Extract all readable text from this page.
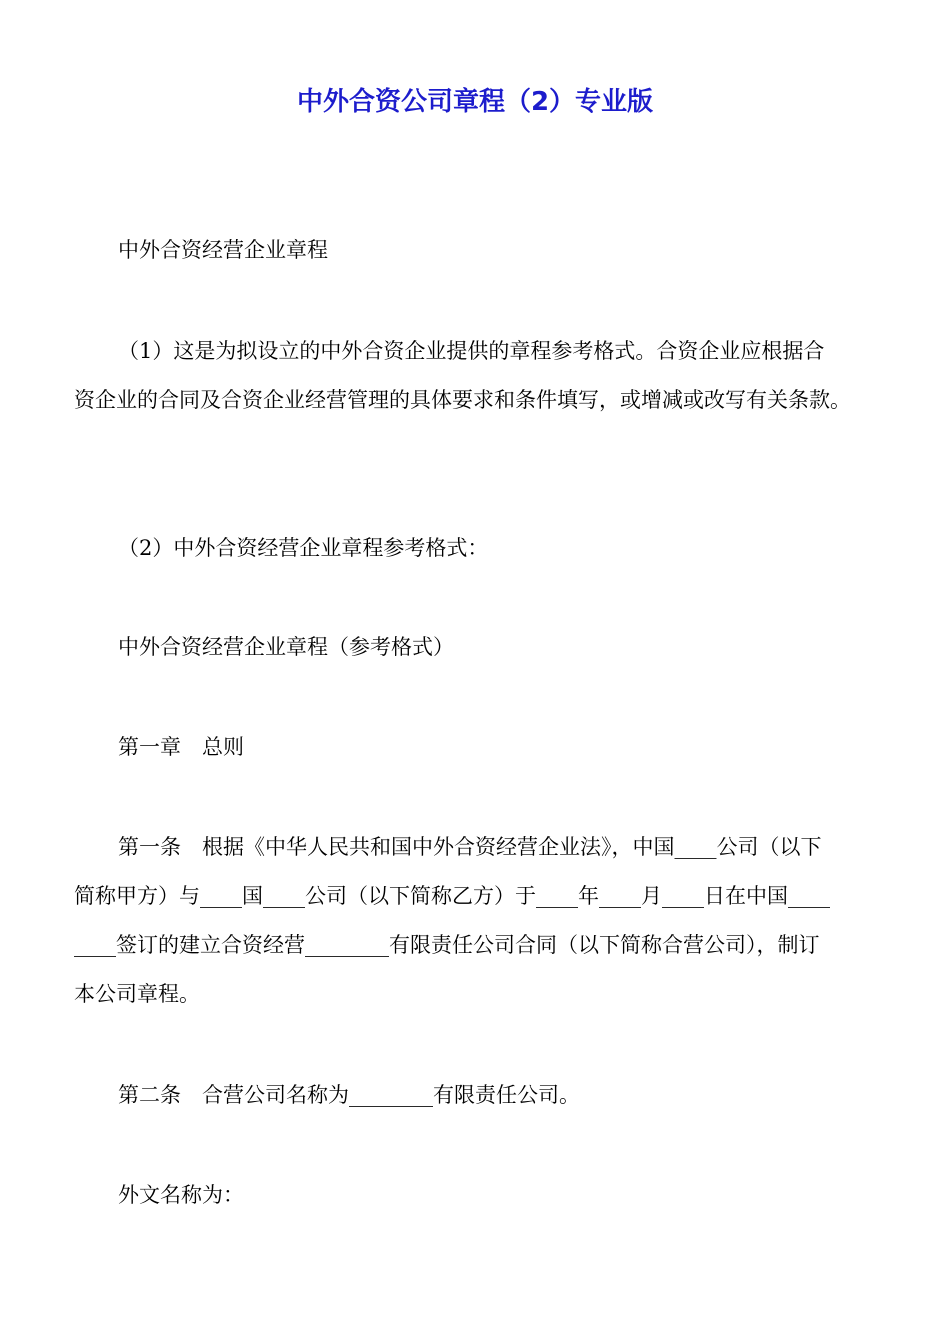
中外合资公司章程（2）专业版
中外合资经营企业章程
（1）这是为拟设立的中外合资企业提供的章程参考格式。合资企业应根据合
资企业的合同及合资企业经营管理的具体要求和条件填写，或增减或改写有关条款。
（2）中外合资经营企业章程参考格式：
中外合资经营企业章程（参考格式）
第一章　总则
第一条　根据《中华人民共和国中外合资经营企业法》，中国____公司（以下
简称甲方）与____国____公司（以下简称乙方）于____年____月____日在中国____
____签订的建立合资经营________有限责任公司合同（以下简称合营公司），制订
本公司章程。
第二条　合营公司名称为________有限责任公司。
外文名称为：
